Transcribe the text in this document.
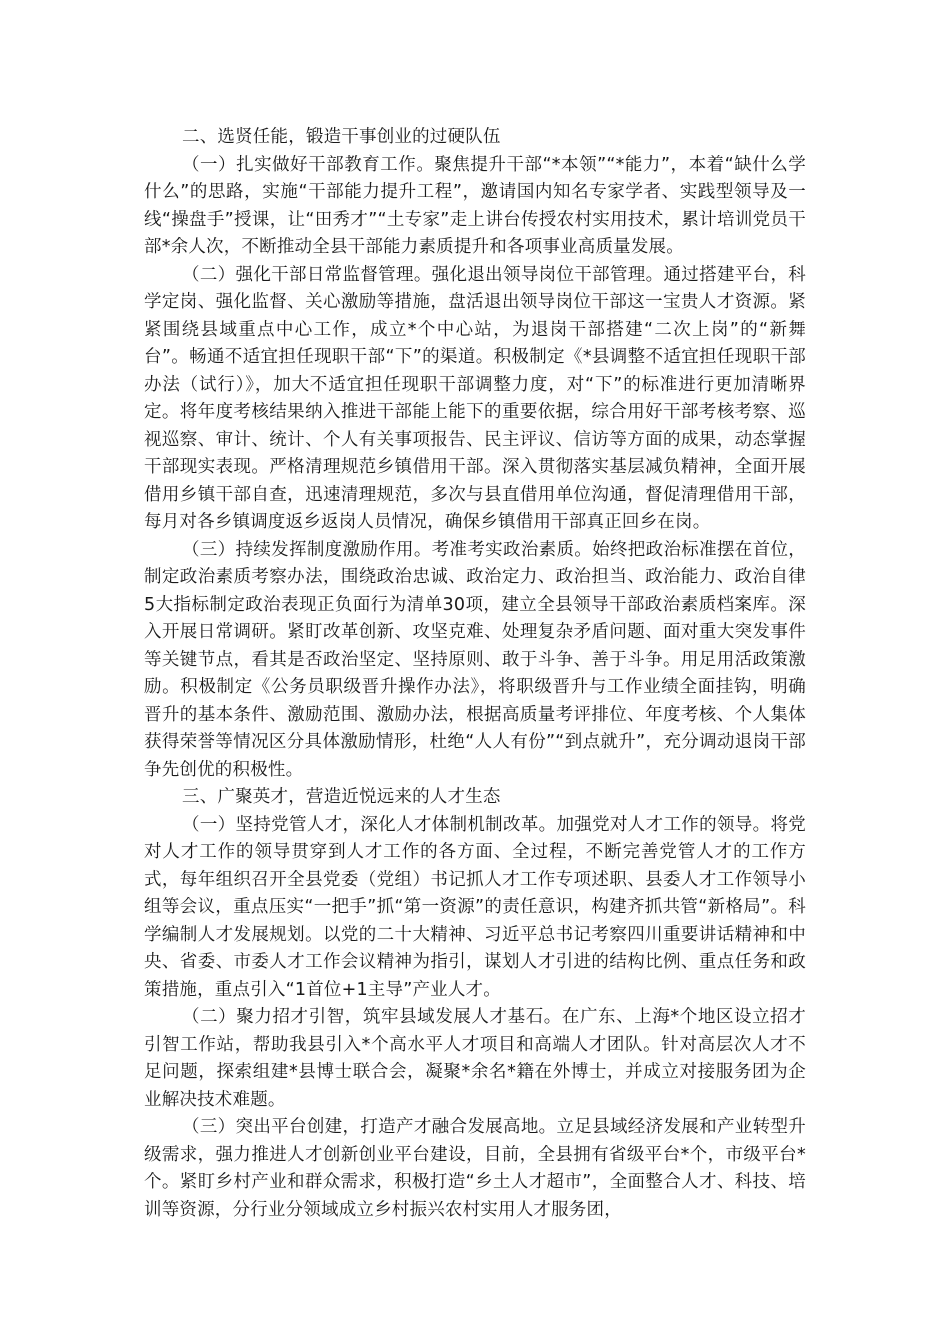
二、选贤任能，锻造干事创业的过硬队伍

（一）扎实做好干部教育工作。聚焦提升干部“*本领”“*能力”，本着“缺什么学什么”的思路，实施“干部能力提升工程”，邀请国内知名专家学者、实践型领导及一线“操盘手”授课，让“田秀才”“土专家”走上讲台传授农村实用技术，累计培训党员干部*余人次，不断推动全县干部能力素质提升和各项事业高质量发展。

（二）强化干部日常监督管理。强化退出领导岗位干部管理。通过搭建平台，科学定岗、强化监督、关心激励等措施，盘活退出领导岗位干部这一宝贵人才资源。紧紧围绕县域重点中心工作，成立*个中心站，为退岗干部搭建“二次上岗”的“新舞台”。畅通不适宜担任现职干部“下”的渠道。积极制定《*县调整不适宜担任现职干部办法（试行）》，加大不适宜担任现职干部调整力度，对“下”的标准进行更加清晰界定。将年度考核结果纳入推进干部能上能下的重要依据，综合用好干部考核考察、巡视巡察、审计、统计、个人有关事项报告、民主评议、信访等方面的成果，动态掌握干部现实表现。严格清理规范乡镇借用干部。深入贯彻落实基层减负精神，全面开展借用乡镇干部自查，迅速清理规范，多次与县直借用单位沟通，督促清理借用干部，每月对各乡镇调度返乡返岗人员情况，确保乡镇借用干部真正回乡在岗。

（三）持续发挥制度激励作用。考准考实政治素质。始终把政治标准摆在首位，制定政治素质考察办法，围绕政治忠诚、政治定力、政治担当、政治能力、政治自律5大指标制定政治表现正负面行为清单30项，建立全县领导干部政治素质档案库。深入开展日常调研。紧盯改革创新、攻坚克难、处理复杂矛盾问题、面对重大突发事件等关键节点，看其是否政治坚定、坚持原则、敢于斗争、善于斗争。用足用活政策激励。积极制定《公务员职级晋升操作办法》，将职级晋升与工作业绩全面挂钩，明确晋升的基本条件、激励范围、激励办法，根据高质量考评排位、年度考核、个人集体获得荣誉等情况区分具体激励情形，杜绝“人人有份”“到点就升”，充分调动退岗干部争先创优的积极性。

三、广聚英才，营造近悦远来的人才生态

（一）坚持党管人才，深化人才体制机制改革。加强党对人才工作的领导。将党对人才工作的领导贯穿到人才工作的各方面、全过程，不断完善党管人才的工作方式，每年组织召开全县党委（党组）书记抓人才工作专项述职、县委人才工作领导小组等会议，重点压实“一把手”抓“第一资源”的责任意识，构建齐抓共管“新格局”。科学编制人才发展规划。以党的二十大精神、习近平总书记考察四川重要讲话精神和中央、省委、市委人才工作会议精神为指引，谋划人才引进的结构比例、重点任务和政策措施，重点引入“1首位+1主导”产业人才。

（二）聚力招才引智，筑牢县域发展人才基石。在广东、上海*个地区设立招才引智工作站，帮助我县引入*个高水平人才项目和高端人才团队。针对高层次人才不足问题，探索组建*县博士联合会，凝聚*余名*籍在外博士，并成立对接服务团为企业解决技术难题。

（三）突出平台创建，打造产才融合发展高地。立足县域经济发展和产业转型升级需求，强力推进人才创新创业平台建设，目前，全县拥有省级平台*个，市级平台*个。紧盯乡村产业和群众需求，积极打造“乡土人才超市”，全面整合人才、科技、培训等资源，分行业分领域成立乡村振兴农村实用人才服务团，
